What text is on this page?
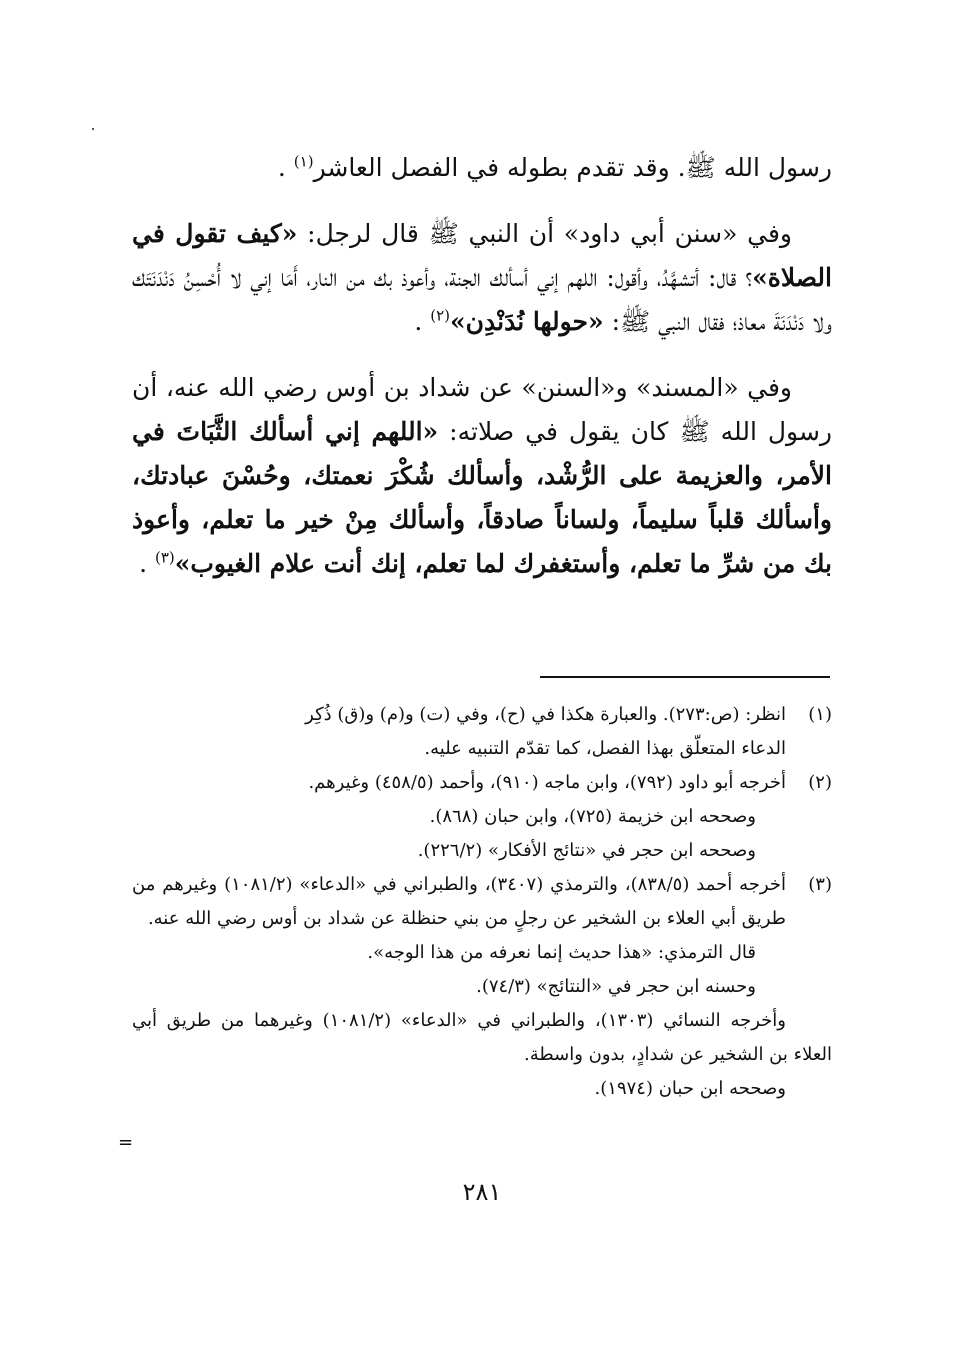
رسول الله ﷺ. وقد تقدم بطوله في الفصل العاشر$^{(١)}$ .

وفي «سنن أبي داود» أن النبي ﷺ قال لرجل: «كيف تقول في الصلاة»؟ قال: أتشهَّدُ، وأقول: اللهم إني أسألك الجنة، وأعوذ بك من النار، أَمَا إني لا أُحْسِنُ دَنْدَنَتَك ولا دَنْدَنَةَ معاذ؛ فقال النبي ﷺ: «حولها نُدَنْدِن»$^{(٢)}$ .

وفي «المسند» و«السنن» عن شداد بن أوس رضي الله عنه، أن رسول الله ﷺ كان يقول في صلاته: «اللهم إني أسألك الثَّبَاتَ في الأمر، والعزيمة على الرُّشْد، وأسألك شُكْرَ نعمتك، وحُسْنَ عبادتك، وأسألك قلباً سليماً، ولساناً صادقاً، وأسألك مِنْ خير ما تعلم، وأعوذ بك من شرِّ ما تعلم، وأستغفرك لما تعلم، إنك أنت علام الغيوب»$^{(٣)}$ .

(١)

انظر: (ص:٢٧٣). والعبارة هكذا في (ح)، وفي (ت) و(م) و(ق) ذُكِر

الدعاء المتعلّق بهذا الفصل، كما تقدّم التنبيه عليه.

(٢)

أخرجه أبو داود (٧٩٢)، وابن ماجه (٩١٠)، وأحمد (٤٥٨/٥) وغيرهم.

وصححه ابن خزيمة (٧٢٥)، وابن حبان (٨٦٨).

وصححه ابن حجر في «نتائج الأفكار» (٢٢٦/٢).

(٣)

أخرجه أحمد (٨٣٨/٥)، والترمذي (٣٤٠٧)، والطبراني في «الدعاء» (١٠٨١/٢) وغيرهم من طريق أبي العلاء بن الشخير عن رجلٍ من بني حنظلة عن شداد بن أوس رضي الله عنه.

قال الترمذي: «هذا حديث إنما نعرفه من هذا الوجه».

وحسنه ابن حجر في «النتائج» (٧٤/٣).

وأخرجه النسائي (١٣٠٣)، والطبراني في «الدعاء» (١٠٨١/٢) وغيرهما من طريق أبي العلاء بن الشخير عن شدادٍ، بدون واسطة.

وصححه ابن حبان (١٩٧٤).

=
٢٨١
